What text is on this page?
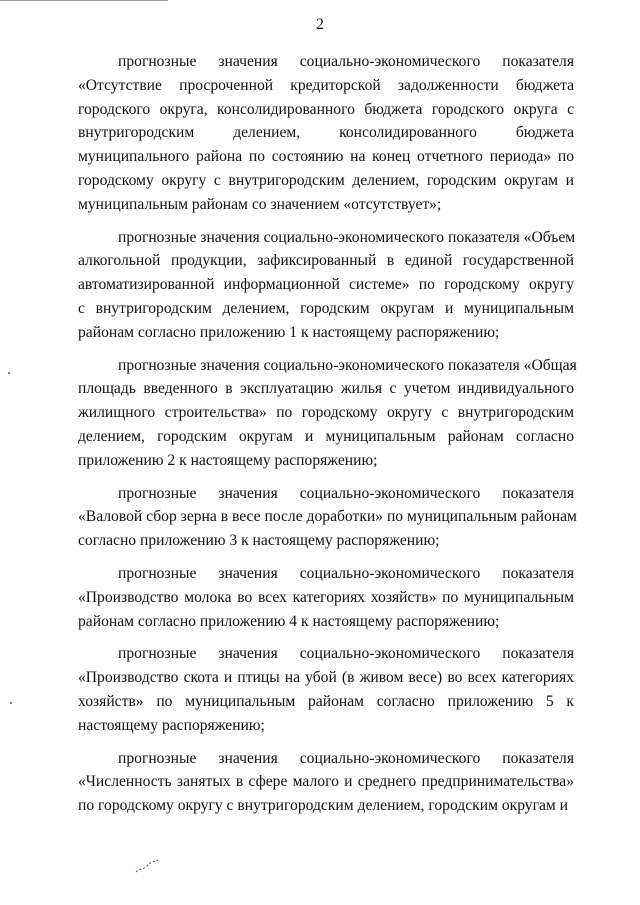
2

прогнозные значения социально-экономического показателя
«Отсутствие просроченной кредиторской задолженности бюджета
городского округа, консолидированного бюджета городского округа с
внутригородским делением, консолидированного бюджета
муниципального района по состоянию на конец отчетного периода» по
городскому округу с внутригородским делением, городским округам и
муниципальным районам со значением «отсутствует»;

прогнозные значения социально-экономического показателя «Объем
алкогольной продукции, зафиксированный в единой государственной
автоматизированной информационной системе» по городскому округу
с внутригородским делением, городским округам и муниципальным
районам согласно приложению 1 к настоящему распоряжению;

прогнозные значения социально-экономического показателя «Общая
площадь введенного в эксплуатацию жилья с учетом индивидуального
жилищного строительства» по городскому округу с внутригородским
делением, городским округам и муниципальным районам согласно
приложению 2 к настоящему распоряжению;

прогнозные значения социально-экономического показателя
«Валовой сбор зерна в весе после доработки» по муниципальным районам
согласно приложению 3 к настоящему распоряжению;

прогнозные значения социально-экономического показателя
«Производство молока во всех категориях хозяйств» по муниципальным
районам согласно приложению 4 к настоящему распоряжению;

прогнозные значения социально-экономического показателя
«Производство скота и птицы на убой (в живом весе) во всех категориях
хозяйств» по муниципальным районам согласно приложению 5 к
настоящему распоряжению;

прогнозные значения социально-экономического показателя
«Численность занятых в сфере малого и среднего предпринимательства»
по городскому округу с внутригородским делением, городским округам и
